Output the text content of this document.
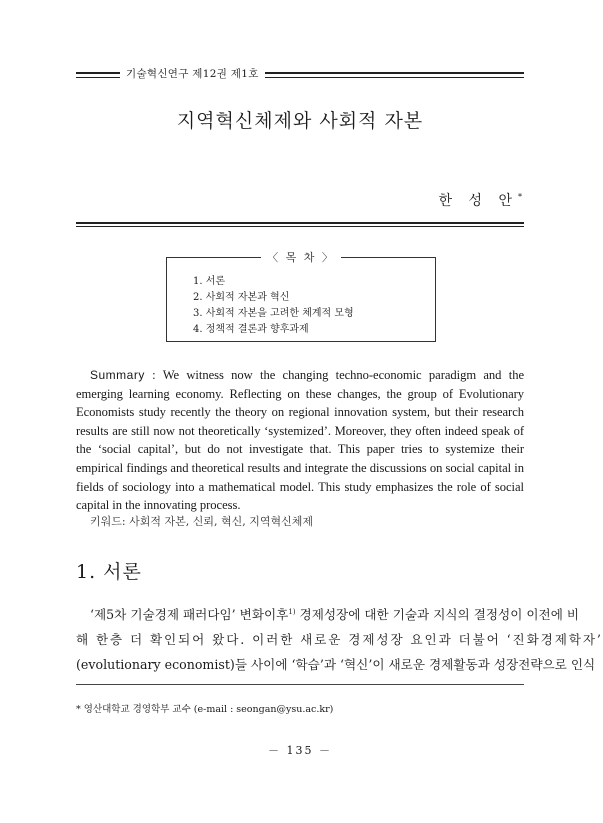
기술혁신연구 제12권 제1호
지역혁신체제와 사회적 자본
한 성 안*
〈 목 차 〉
1. 서론
2. 사회적 자본과 혁신
3. 사회적 자본을 고려한 체계적 모형
4. 정책적 결론과 향후과제
Summary : We witness now the changing techno-economic paradigm and the emerging learning economy. Reflecting on these changes, the group of Evolutionary Economists study recently the theory on regional innovation system, but their research results are still now not theoretically ‘systemized’. Moreover, they often indeed speak of the ‘social capital’, but do not investigate that. This paper tries to systemize their empirical findings and theoretical results and integrate the discussions on social capital in fields of sociology into a mathematical model. This study emphasizes the role of social capital in the innovating process.
키워드: 사회적 자본, 신뢰, 혁신, 지역혁신체제
1. 서론
‘제5차 기술경제 패러다임’ 변화이후$^{1)}$ 경제성장에 대한 기술과 지식의 결정성이 이전에 비
해 한층 더 확인되어 왔다. 이러한 새로운 경제성장 요인과 더불어 ‘진화경제학자’
(evolutionary economist)들 사이에 ‘학습’과 ‘혁신’이 새로운 경제활동과 성장전략으로 인식
* 영산대학교 경영학부 교수 (e-mail : seongan@ysu.ac.kr)
－ 135 －
